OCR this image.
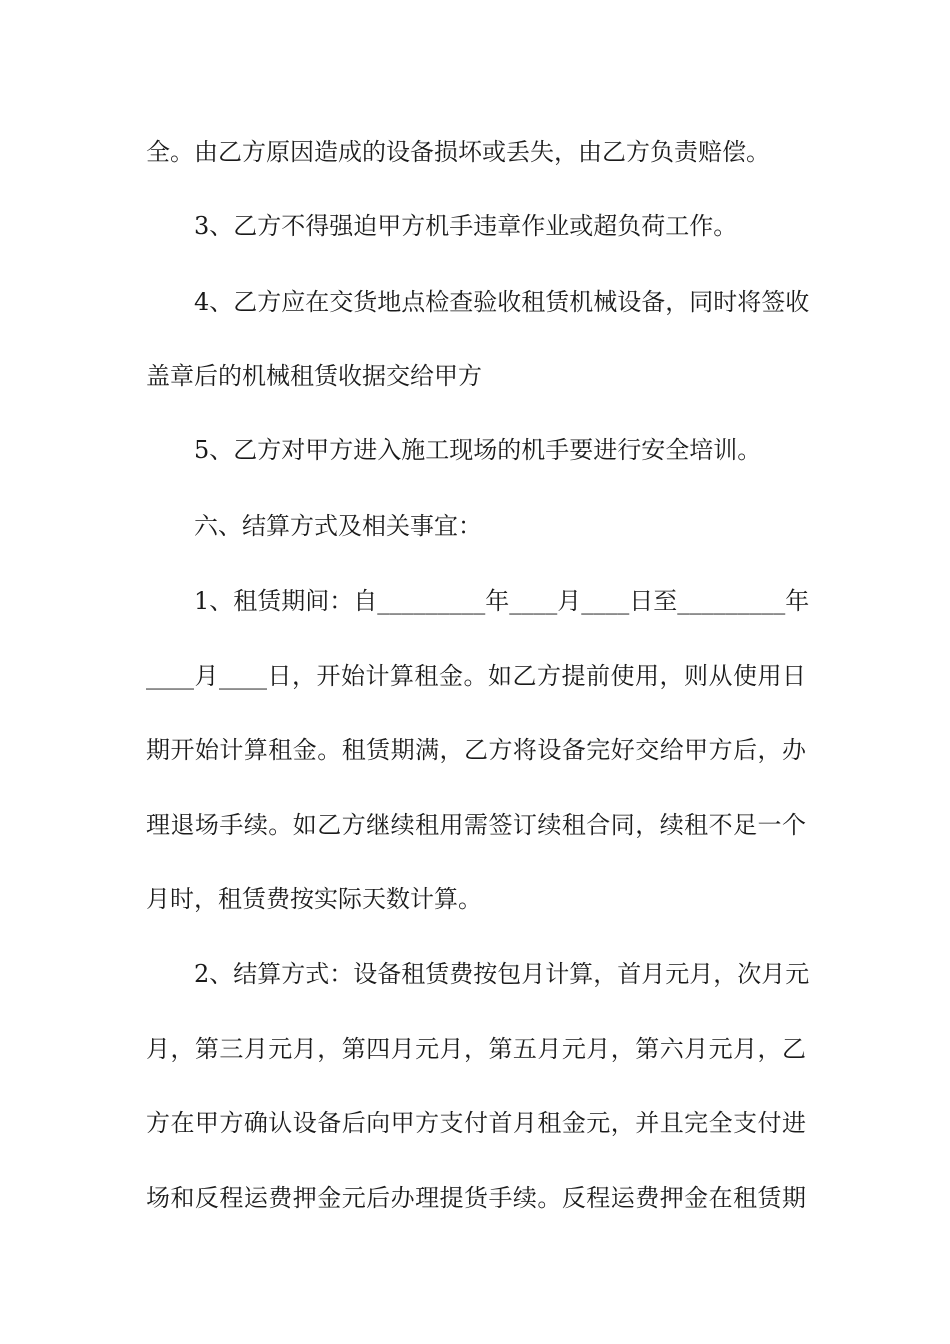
全。由乙方原因造成的设备损坏或丢失，由乙方负责赔偿。
3、乙方不得强迫甲方机手违章作业或超负荷工作。
4、乙方应在交货地点检查验收租赁机械设备，同时将签收
盖章后的机械租赁收据交给甲方
5、乙方对甲方进入施工现场的机手要进行安全培训。
六、结算方式及相关事宜：
1、租赁期间：自_________年____月____日至_________年
____月____日，开始计算租金。如乙方提前使用，则从使用日
期开始计算租金。租赁期满，乙方将设备完好交给甲方后，办
理退场手续。如乙方继续租用需签订续租合同，续租不足一个
月时，租赁费按实际天数计算。
2、结算方式：设备租赁费按包月计算，首月元月，次月元
月，第三月元月，第四月元月，第五月元月，第六月元月，乙
方在甲方确认设备后向甲方支付首月租金元，并且完全支付进
场和反程运费押金元后办理提货手续。反程运费押金在租赁期
